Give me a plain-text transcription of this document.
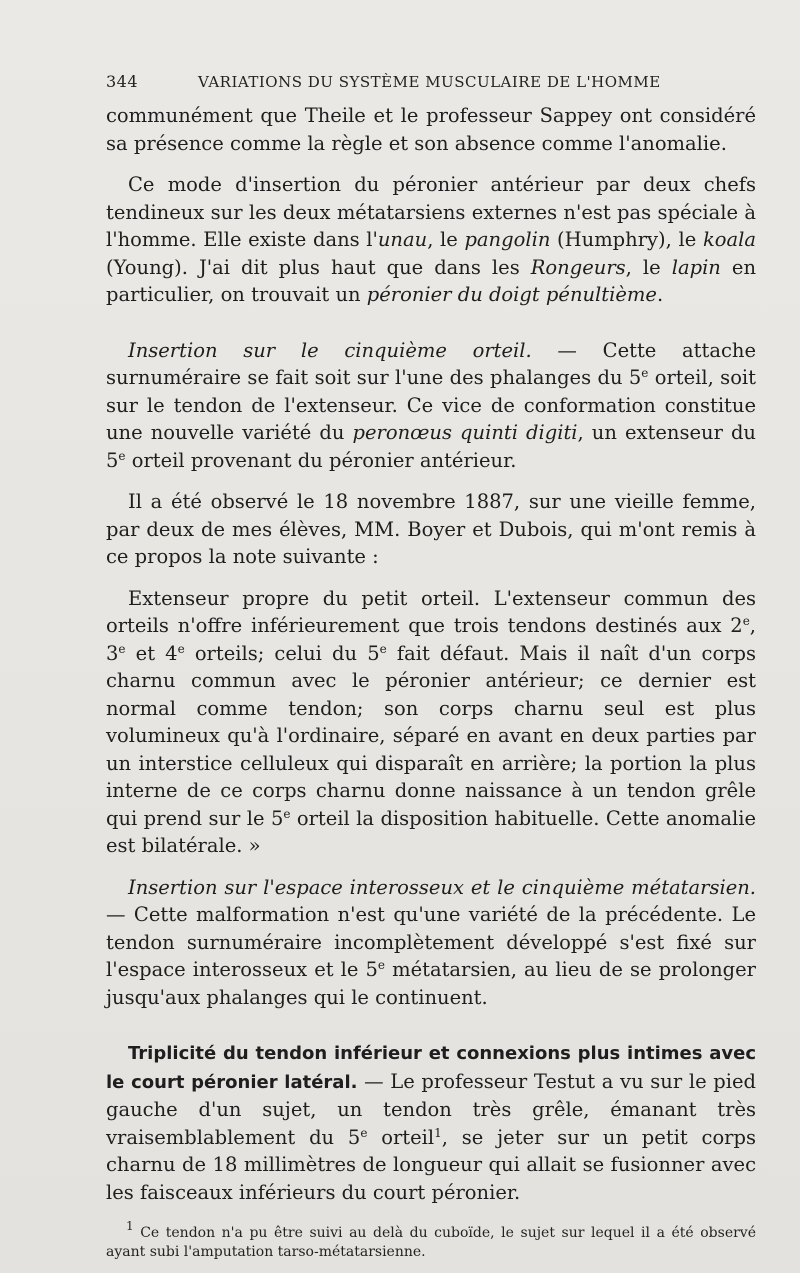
344	VARIATIONS DU SYSTÈME MUSCULAIRE DE L'HOMME

communément que Theile et le professeur Sappey ont considéré sa présence comme la règle et son absence comme l'anomalie.

Ce mode d'insertion du péronier antérieur par deux chefs tendineux sur les deux métatarsiens externes n'est pas spéciale à l'homme. Elle existe dans l'unau, le pangolin (Humphry), le koala (Young). J'ai dit plus haut que dans les Rongeurs, le lapin en particulier, on trouvait un péronier du doigt pénultième.

Insertion sur le cinquième orteil. — Cette attache surnuméraire se fait soit sur l'une des phalanges du 5e orteil, soit sur le tendon de l'extenseur. Ce vice de conformation constitue une nouvelle variété du peronœus quinti digiti, un extenseur du 5e orteil provenant du péronier antérieur.

Il a été observé le 18 novembre 1887, sur une vieille femme, par deux de mes élèves, MM. Boyer et Dubois, qui m'ont remis à ce propos la note suivante :

Extenseur propre du petit orteil. L'extenseur commun des orteils n'offre inférieurement que trois tendons destinés aux 2e, 3e et 4e orteils; celui du 5e fait défaut. Mais il naît d'un corps charnu commun avec le péronier antérieur; ce dernier est normal comme tendon; son corps charnu seul est plus volumineux qu'à l'ordinaire, séparé en avant en deux parties par un interstice celluleux qui disparaît en arrière; la portion la plus interne de ce corps charnu donne naissance à un tendon grêle qui prend sur le 5e orteil la disposition habituelle. Cette anomalie est bilatérale. »

Insertion sur l'espace interosseux et le cinquième métatarsien. — Cette malformation n'est qu'une variété de la précédente. Le tendon surnuméraire incomplètement développé s'est fixé sur l'espace interosseux et le 5e métatarsien, au lieu de se prolonger jusqu'aux phalanges qui le continuent.

Triplicité du tendon inférieur et connexions plus intimes avec le court péronier latéral. — Le professeur Testut a vu sur le pied gauche d'un sujet, un tendon très grêle, émanant très vraisemblablement du 5e orteil$^1$, se jeter sur un petit corps charnu de 18 millimètres de longueur qui allait se fusionner avec les faisceaux inférieurs du court péronier.

$^1$ Ce tendon n'a pu être suivi au delà du cuboïde, le sujet sur lequel il a été observé ayant subi l'amputation tarso-métatarsienne.
